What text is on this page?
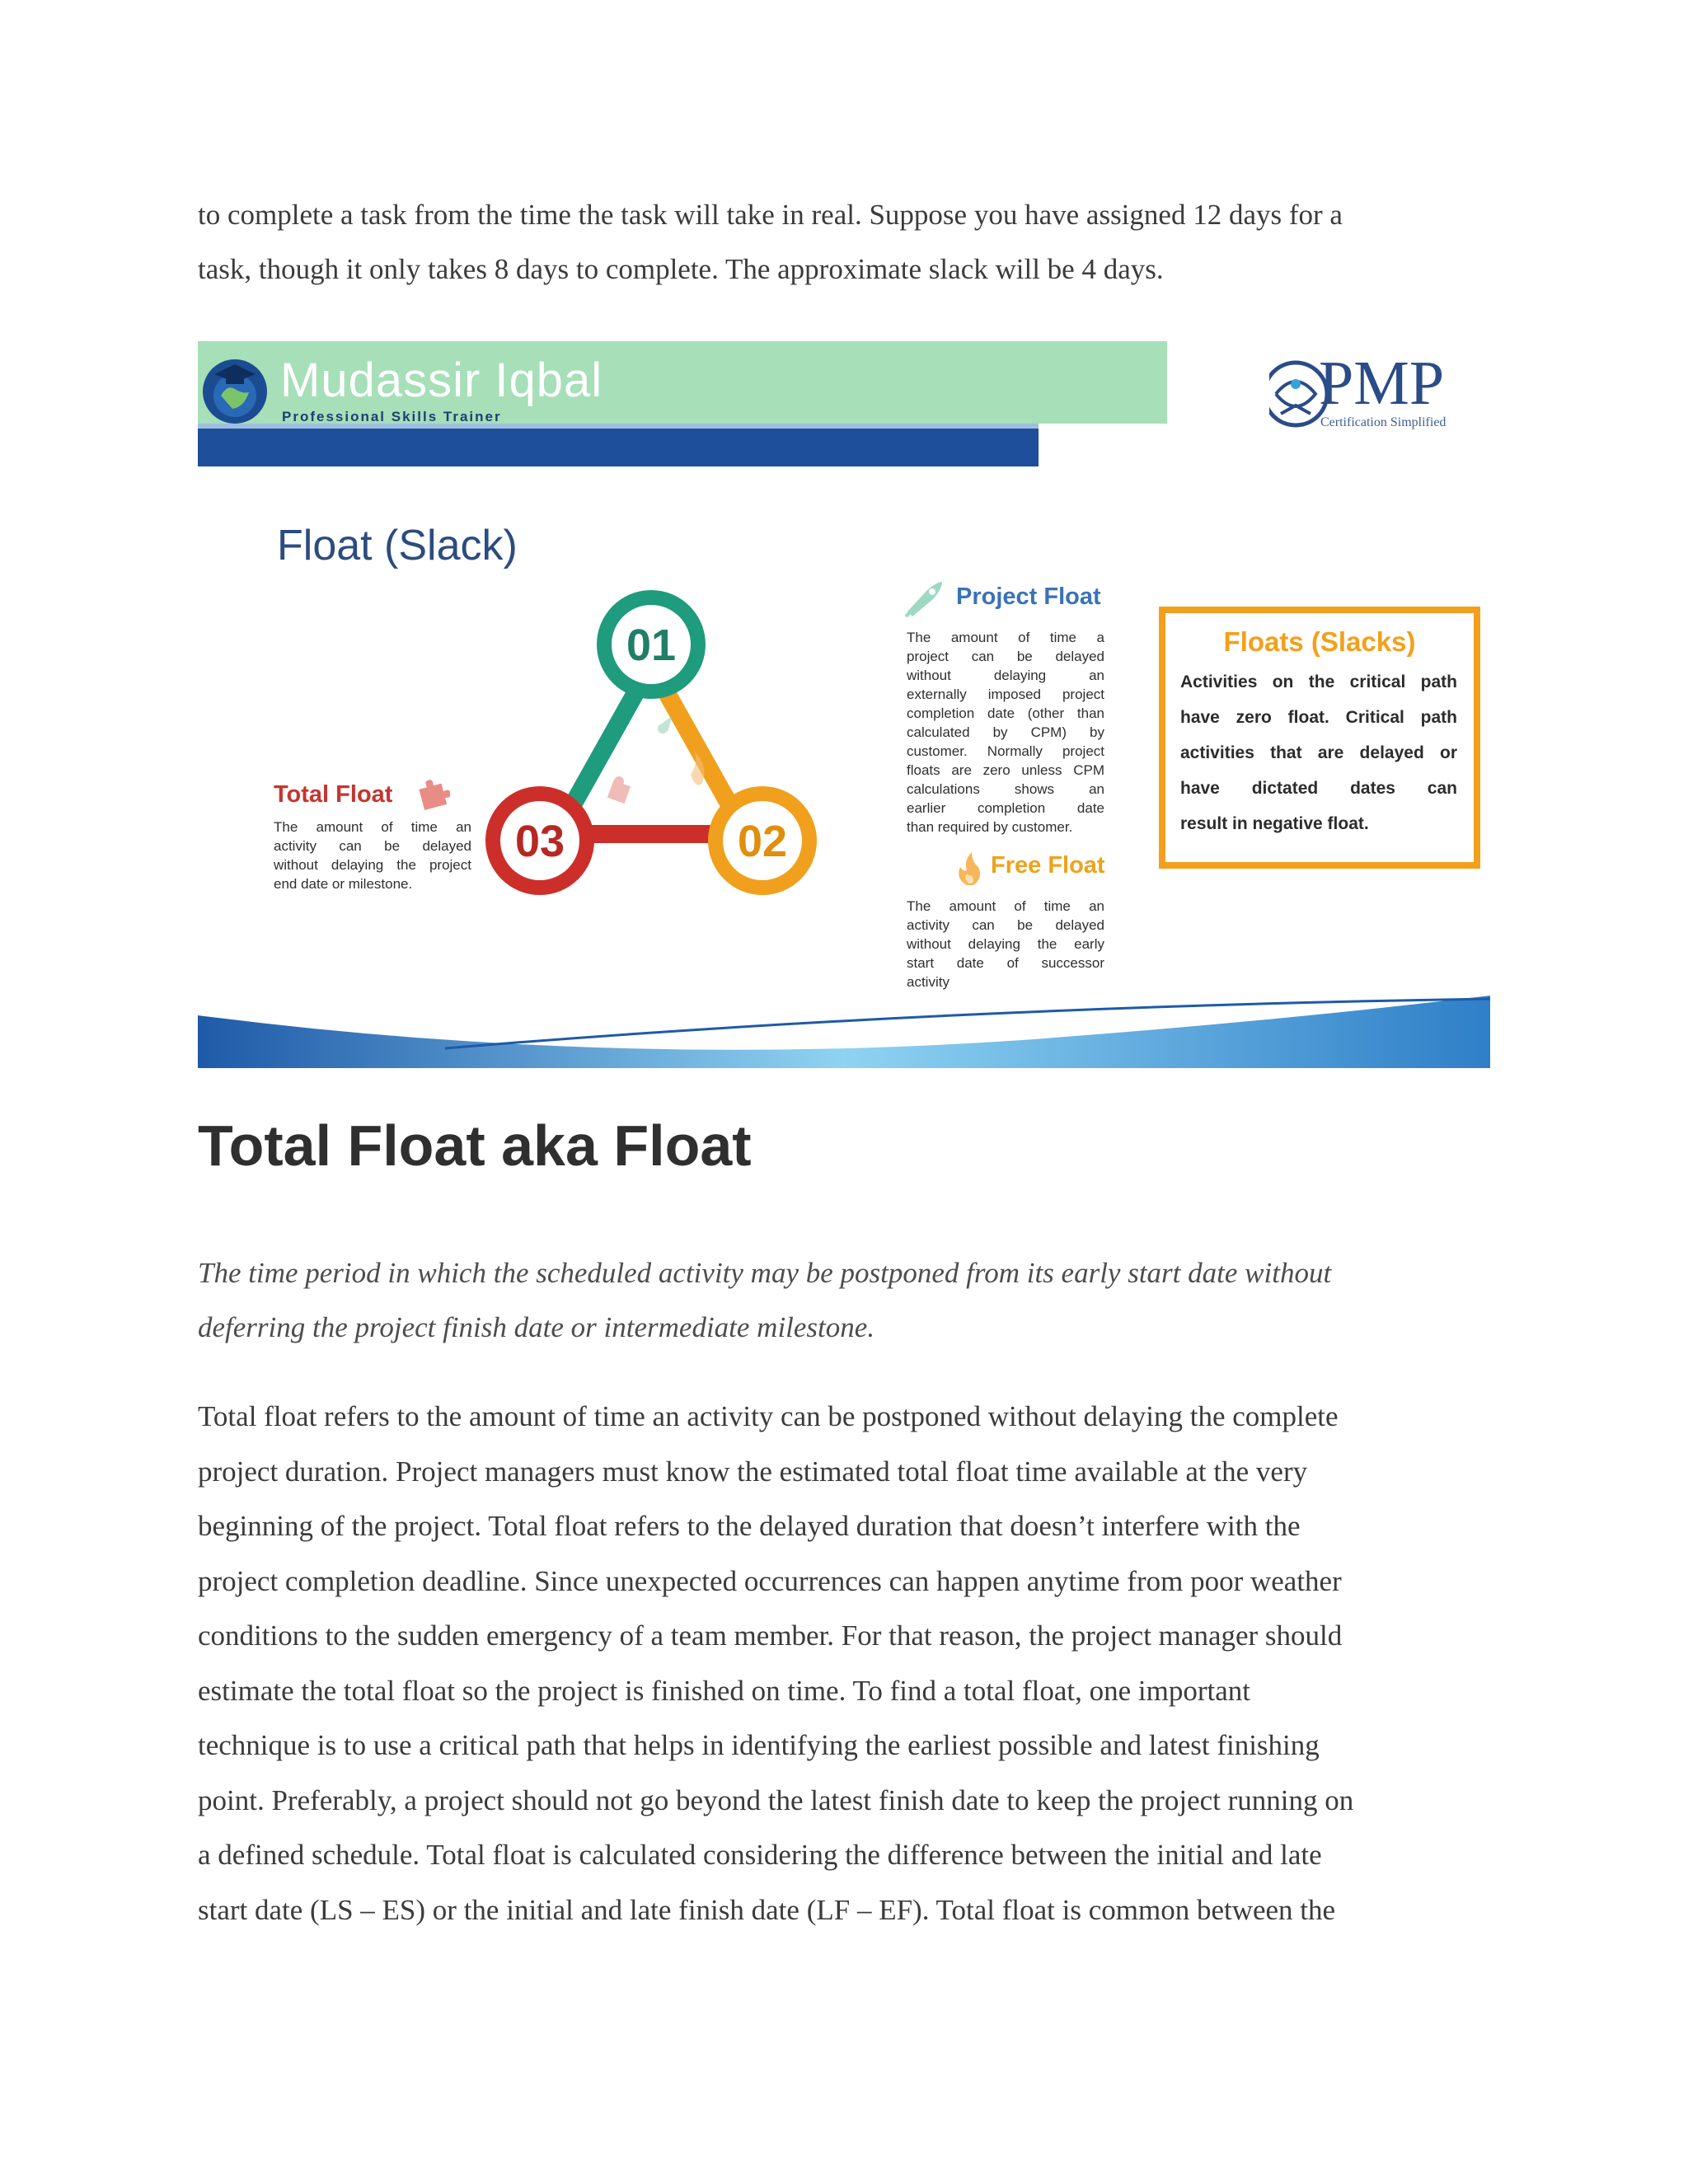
to complete a task from the time the task will take in real. Suppose you have assigned 12 days for a
task, though it only takes 8 days to complete. The approximate slack will be 4 days.

Mudassir Iqbal
Professional Skills Trainer	PMP
Certification Simplified
Float (Slack)
01
02
03
Project Float
The amount of time a
project can be delayed
without delaying an
externally imposed project
completion date (other than
calculated by CPM) by
customer. Normally project
floats are zero unless CPM
calculations shows an
earlier completion date
than required by customer.
Free Float
The amount of time an
activity can be delayed
without delaying the early
start date of successor
activity
Total Float
The amount of time an
activity can be delayed
without delaying the project
end date or milestone.
Floats (Slacks)
Activities on the critical path
have zero float. Critical path
activities that are delayed or
have dictated dates can
result in negative float.
Total Float aka Float

The time period in which the scheduled activity may be postponed from its early start date without
deferring the project finish date or intermediate milestone.

Total float refers to the amount of time an activity can be postponed without delaying the complete
project duration. Project managers must know the estimated total float time available at the very
beginning of the project. Total float refers to the delayed duration that doesn’t interfere with the
project completion deadline. Since unexpected occurrences can happen anytime from poor weather
conditions to the sudden emergency of a team member. For that reason, the project manager should
estimate the total float so the project is finished on time. To find a total float, one important
technique is to use a critical path that helps in identifying the earliest possible and latest finishing
point. Preferably, a project should not go beyond the latest finish date to keep the project running on
a defined schedule. Total float is calculated considering the difference between the initial and late
start date (LS – ES) or the initial and late finish date (LF – EF). Total float is common between the
